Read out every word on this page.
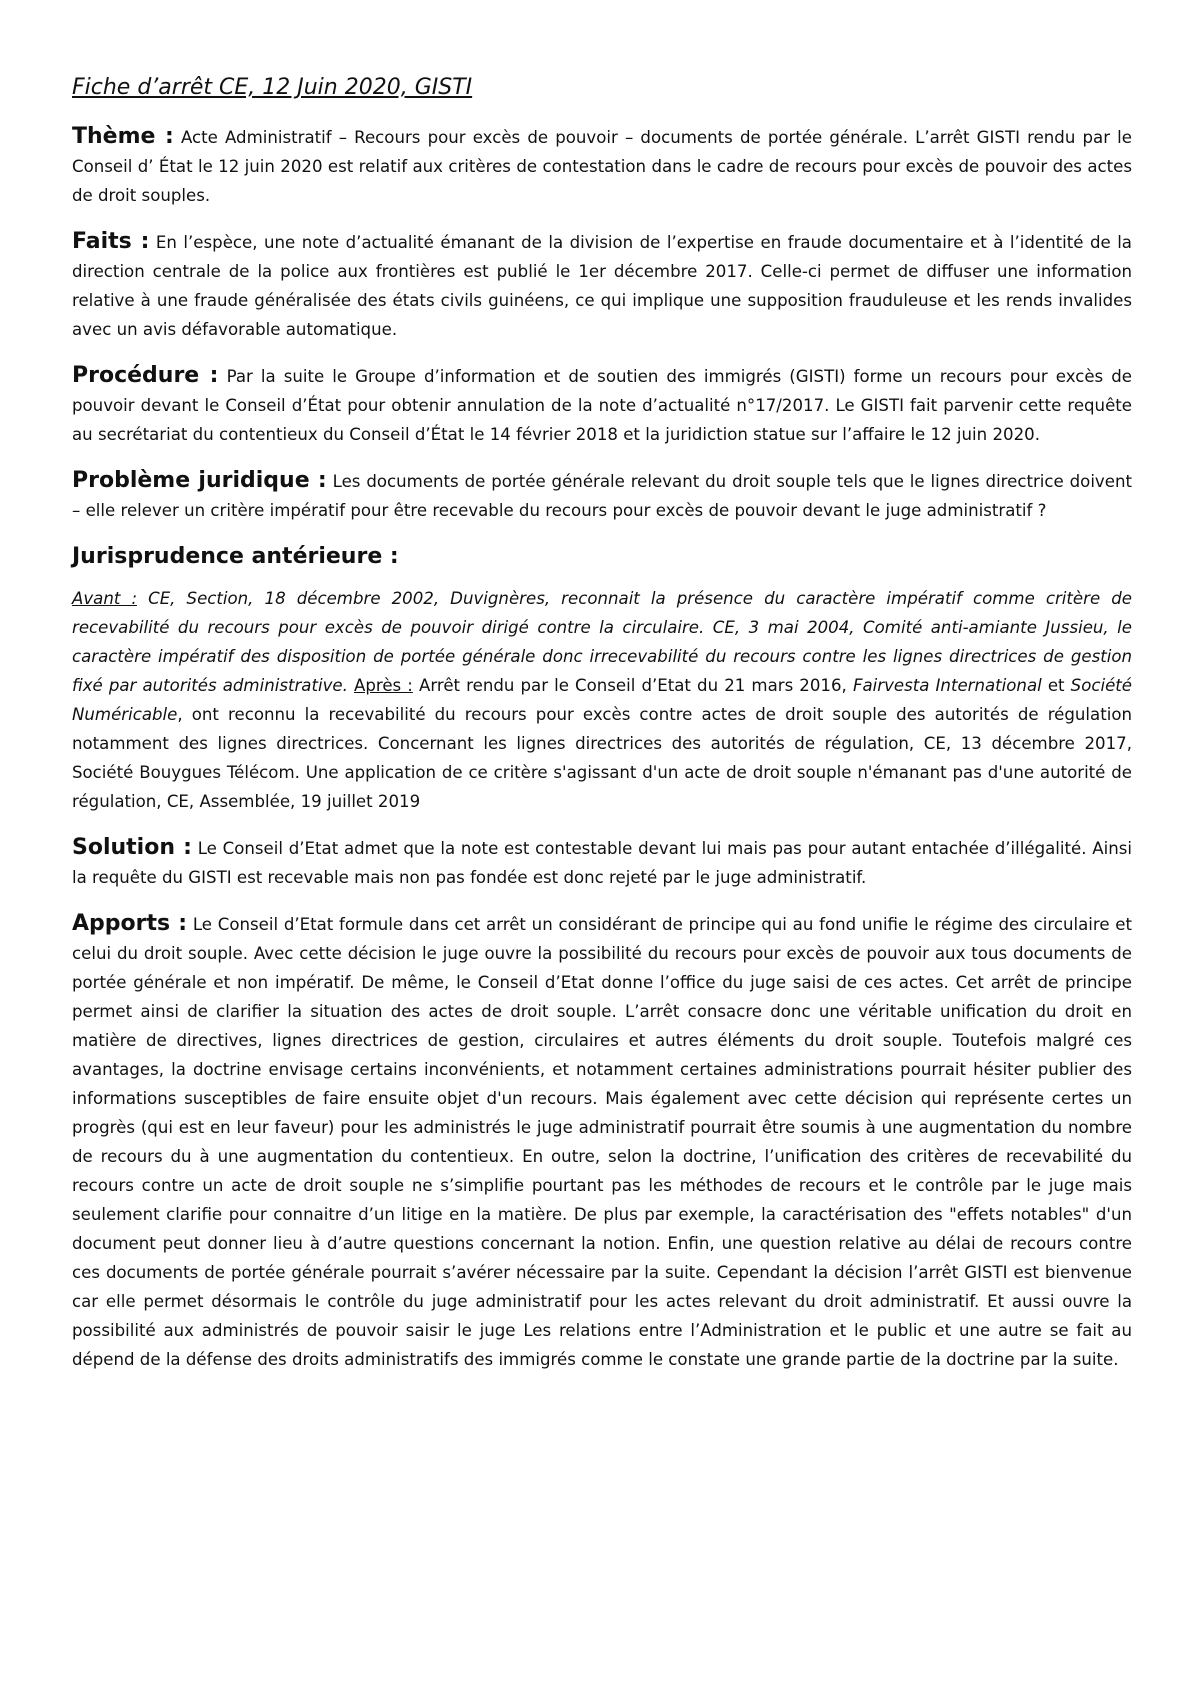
Fiche d’arrêt CE, 12 Juin 2020, GISTI

Thème : Acte Administratif – Recours pour excès de pouvoir – documents de portée générale. L’arrêt GISTI rendu par le Conseil d’ État le 12 juin 2020 est relatif aux critères de contestation dans le cadre de recours pour excès de pouvoir des actes de droit souples.

Faits : En l’espèce, une note d’actualité émanant de la division de l’expertise en fraude documentaire et à l’identité de la direction centrale de la police aux frontières est publié le 1er décembre 2017. Celle-ci permet de diffuser une information relative à une fraude généralisée des états civils guinéens, ce qui implique une supposition frauduleuse et les rends invalides avec un avis défavorable automatique.

Procédure : Par la suite le Groupe d’information et de soutien des immigrés (GISTI) forme un recours pour excès de pouvoir devant le Conseil d’État pour obtenir annulation de la note d’actualité n°17/2017. Le GISTI fait parvenir cette requête au secrétariat du contentieux du Conseil d’État le 14 février 2018 et la juridiction statue sur l’affaire le 12 juin 2020.

Problème juridique : Les documents de portée générale relevant du droit souple tels que le lignes directrice doivent – elle relever un critère impératif pour être recevable du recours pour excès de pouvoir devant le juge administratif ?

Jurisprudence antérieure :

Avant : CE, Section, 18 décembre 2002, Duvignères, reconnait la présence du caractère impératif comme critère de recevabilité du recours pour excès de pouvoir dirigé contre la circulaire. CE, 3 mai 2004, Comité anti-amiante Jussieu, le caractère impératif des disposition de portée générale donc irrecevabilité du recours contre les lignes directrices de gestion fixé par autorités administrative. Après : Arrêt rendu par le Conseil d’Etat du 21 mars 2016, Fairvesta International et Société Numéricable, ont reconnu la recevabilité du recours pour excès contre actes de droit souple des autorités de régulation notamment des lignes directrices. Concernant les lignes directrices des autorités de régulation, CE, 13 décembre 2017, Société Bouygues Télécom. Une application de ce critère s'agissant d'un acte de droit souple n'émanant pas d'une autorité de régulation, CE, Assemblée, 19 juillet 2019

Solution : Le Conseil d’Etat admet que la note est contestable devant lui mais pas pour autant entachée d’illégalité. Ainsi la requête du GISTI est recevable mais non pas fondée est donc rejeté par le juge administratif.

Apports : Le Conseil d’Etat formule dans cet arrêt un considérant de principe qui au fond unifie le régime des circulaire et celui du droit souple. Avec cette décision le juge ouvre la possibilité du recours pour excès de pouvoir aux tous documents de portée générale et non impératif. De même, le Conseil d’Etat donne l’office du juge saisi de ces actes. Cet arrêt de principe permet ainsi de clarifier la situation des actes de droit souple. L’arrêt consacre donc une véritable unification du droit en matière de directives, lignes directrices de gestion, circulaires et autres éléments du droit souple. Toutefois malgré ces avantages, la doctrine envisage certains inconvénients, et notamment certaines administrations pourrait hésiter publier des informations susceptibles de faire ensuite objet d'un recours. Mais également avec cette décision qui représente certes un progrès (qui est en leur faveur) pour les administrés le juge administratif pourrait être soumis à une augmentation du nombre de recours du à une augmentation du contentieux. En outre, selon la doctrine, l’unification des critères de recevabilité du recours contre un acte de droit souple ne s’simplifie pourtant pas les méthodes de recours et le contrôle par le juge mais seulement clarifie pour connaitre d’un litige en la matière. De plus par exemple, la caractérisation des "effets notables" d'un document peut donner lieu à d’autre questions concernant la notion. Enfin, une question relative au délai de recours contre ces documents de portée générale pourrait s’avérer nécessaire par la suite. Cependant la décision l’arrêt GISTI est bienvenue car elle permet désormais le contrôle du juge administratif pour les actes relevant du droit administratif. Et aussi ouvre la possibilité aux administrés de pouvoir saisir le juge Les relations entre l’Administration et le public et une autre se fait au dépend de la défense des droits administratifs des immigrés comme le constate une grande partie de la doctrine par la suite.
